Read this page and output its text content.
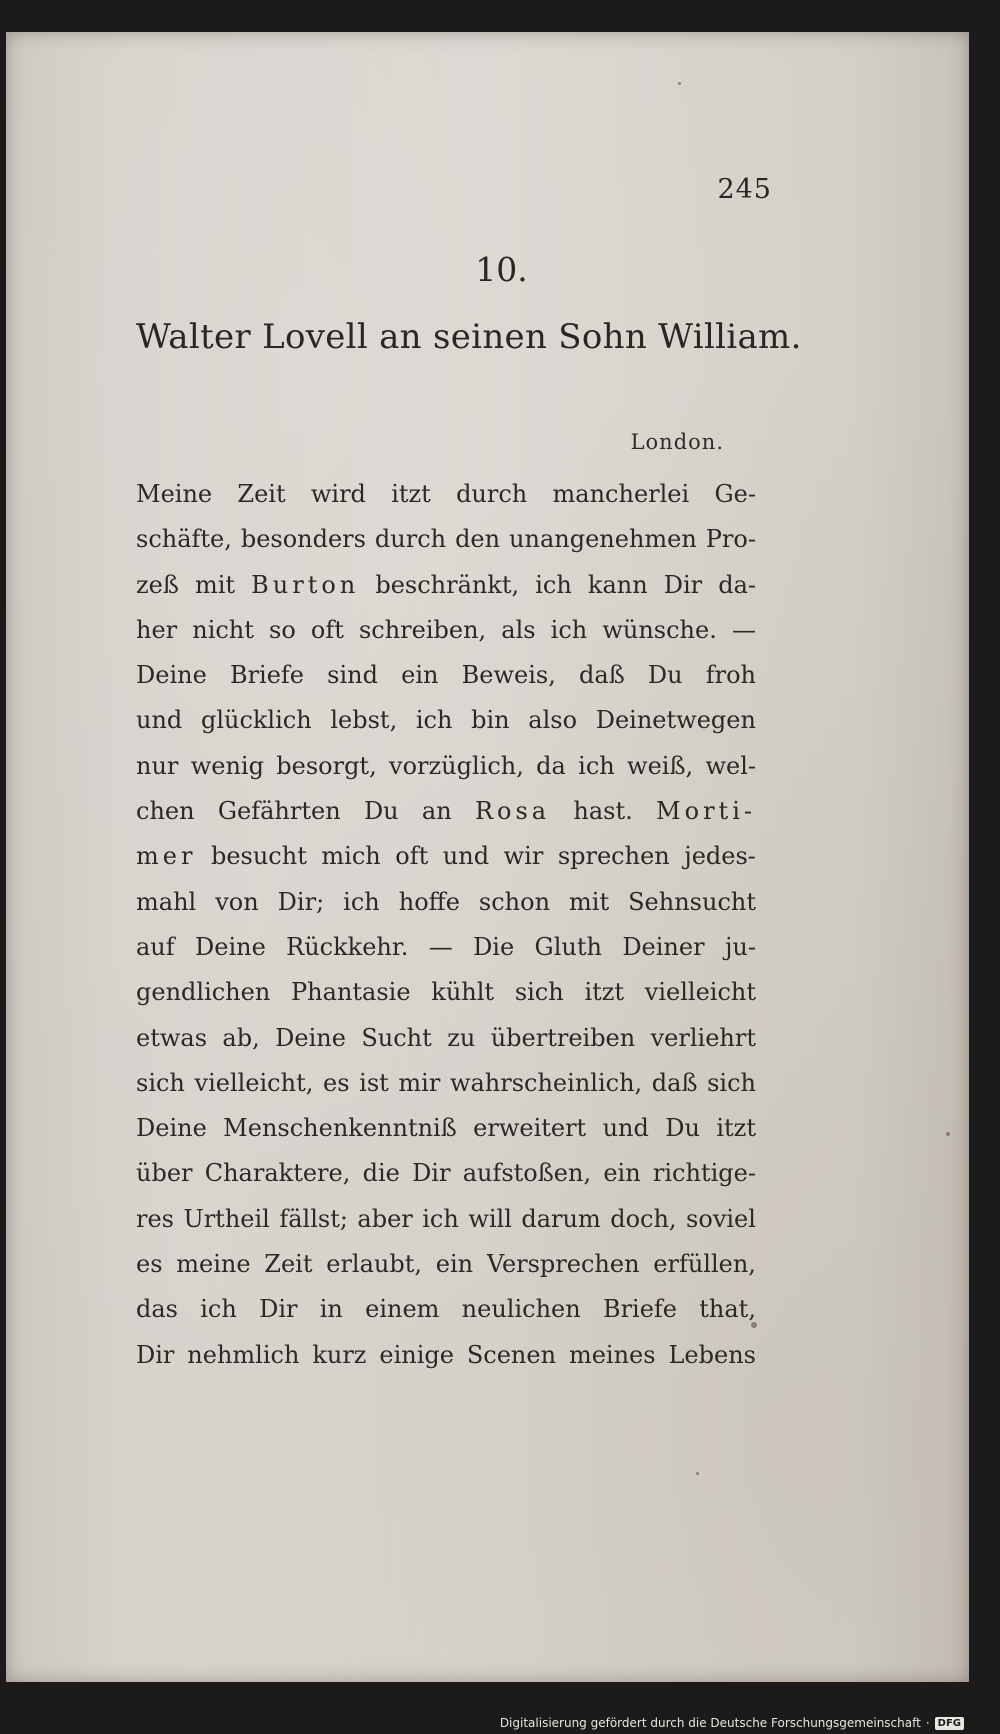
245
10.
Walter Lovell an seinen Sohn William.
London.
Meine Zeit wird itzt durch mancherlei Ge-
schäfte, besonders durch den unangenehmen Pro-
zeß mit Burton beschränkt, ich kann Dir da-
her nicht so oft schreiben, als ich wünsche. —
Deine Briefe sind ein Beweis, daß Du froh
und glücklich lebst, ich bin also Deinetwegen
nur wenig besorgt, vorzüglich, da ich weiß, wel-
chen Gefährten Du an Rosa hast. Morti-
mer besucht mich oft und wir sprechen jedes-
mahl von Dir; ich hoffe schon mit Sehnsucht
auf Deine Rückkehr. — Die Gluth Deiner ju-
gendlichen Phantasie kühlt sich itzt vielleicht
etwas ab, Deine Sucht zu übertreiben verliehrt
sich vielleicht, es ist mir wahrscheinlich, daß sich
Deine Menschenkenntniß erweitert und Du itzt
über Charaktere, die Dir aufstoßen, ein richtige-
res Urtheil fällst; aber ich will darum doch, soviel
es meine Zeit erlaubt, ein Versprechen erfüllen,
das ich Dir in einem neulichen Briefe that,
Dir nehmlich kurz einige Scenen meines Lebens
Digitalisierung gefördert durch die Deutsche Forschungsgemeinschaft · DFG
